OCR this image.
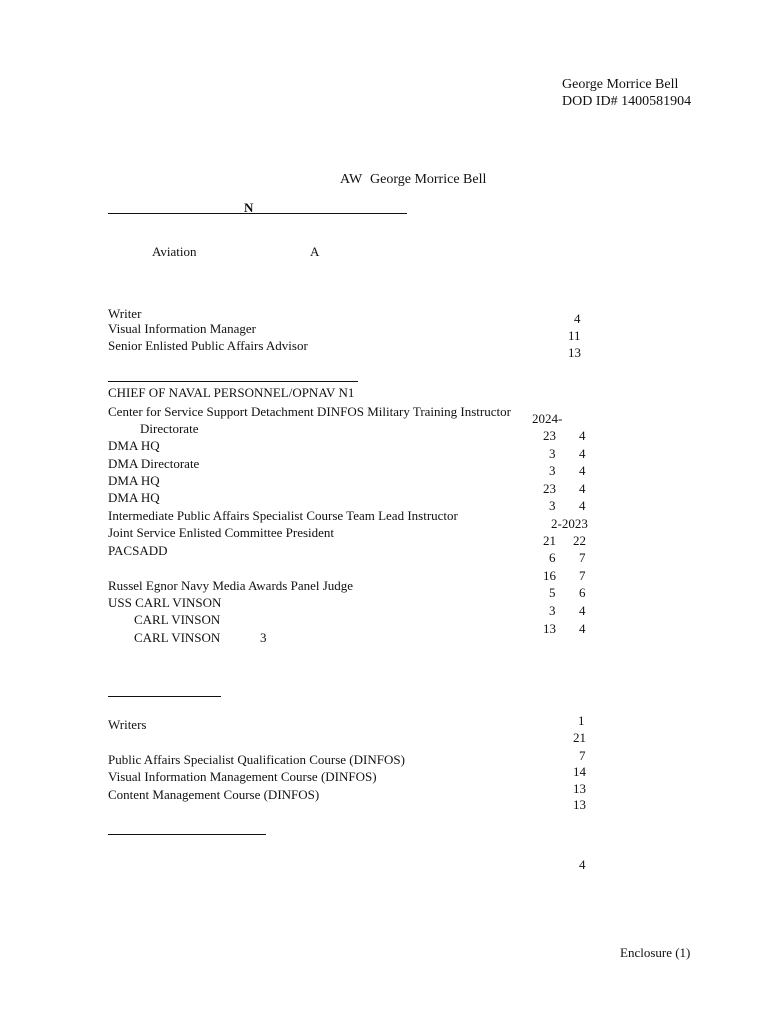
George Morrice Bell
DOD ID# 1400581904
AW George Morrice Bell
N
Aviation	A
Writer
Visual Information Manager
Senior Enlisted Public Affairs Advisor
4
11
13
CHIEF OF NAVAL PERSONNEL/OPNAV N1
Center for Service Support Detachment DINFOS Military Training Instructor
Directorate
DMA HQ
DMA Directorate
DMA HQ
DMA HQ
Intermediate Public Affairs Specialist Course Team Lead Instructor
Joint Service Enlisted Committee President
PACSADD
Russel Egnor Navy Media Awards Panel Judge
USS CARL VINSON
CARL VINSON
CARL VINSON	3
2024-
23
3
3
23
3
2-2023
21
6
16
5
3
13
4
4
4
4
4
22
7
7
6
4
4
Writers
Public Affairs Specialist Qualification Course (DINFOS)
Visual Information Management Course (DINFOS)
Content Management Course (DINFOS)
1
21
7
14
13
13
4
Enclosure (1)
